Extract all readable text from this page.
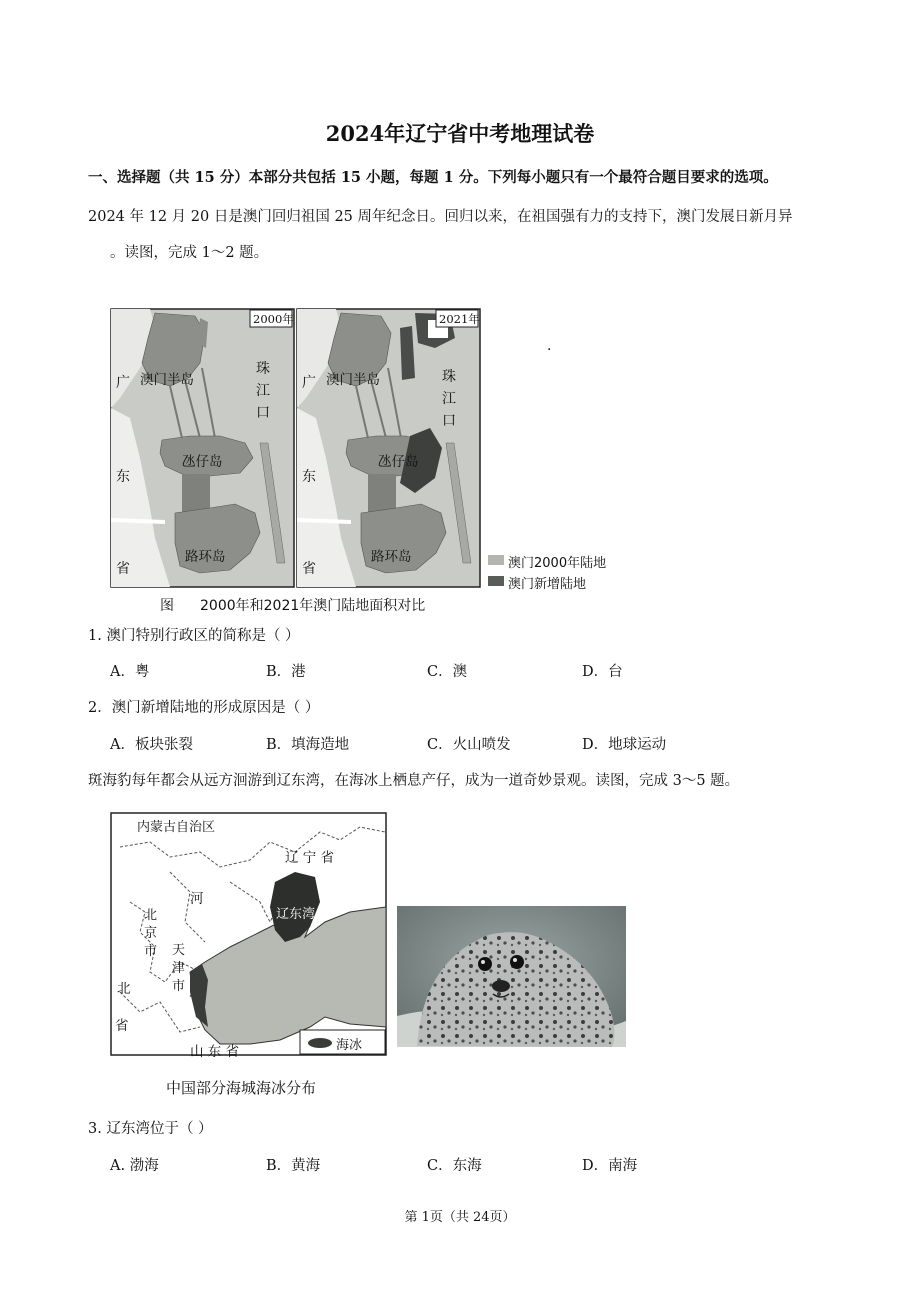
2024年辽宁省中考地理试卷
一、选择题（共 15 分）本部分共包括 15 小题，每题 1 分。下列每小题只有一个最符合题目要求的选项。
2024 年 12 月 20 日是澳门回归祖国 25 周年纪念日。回归以来，在祖国强有力的支持下，澳门发展日新月异
。读图，完成 1～2 题。
2000年	2021年
广
东
省
澳门半岛
氹仔岛
路环岛
珠
江
口
广
东
省
澳门半岛
氹仔岛
路环岛
珠
江
口
澳门2000年陆地
澳门新增陆地
图 2000年和2021年澳门陆地面积对比
.
1. 澳门特别行政区的简称是（ ）
A．粤	B．港	C．澳	D．台
2．澳门新增陆地的形成原因是（ ）
A．板块张裂	B．填海造地	C．火山喷发	D．地球运动
斑海豹每年都会从远方洄游到辽东湾，在海冰上栖息产仔，成为一道奇妙景观。读图，完成 3～5 题。
内蒙古自治区
辽 宁 省
河
北
省
北 京 市 天 津 市
辽东湾
山 东 省	海冰
中国部分海城海冰分布
3. 辽东湾位于（ ）
A. 渤海	B．黄海	C．东海	D．南海
第 1页（共 24页）
